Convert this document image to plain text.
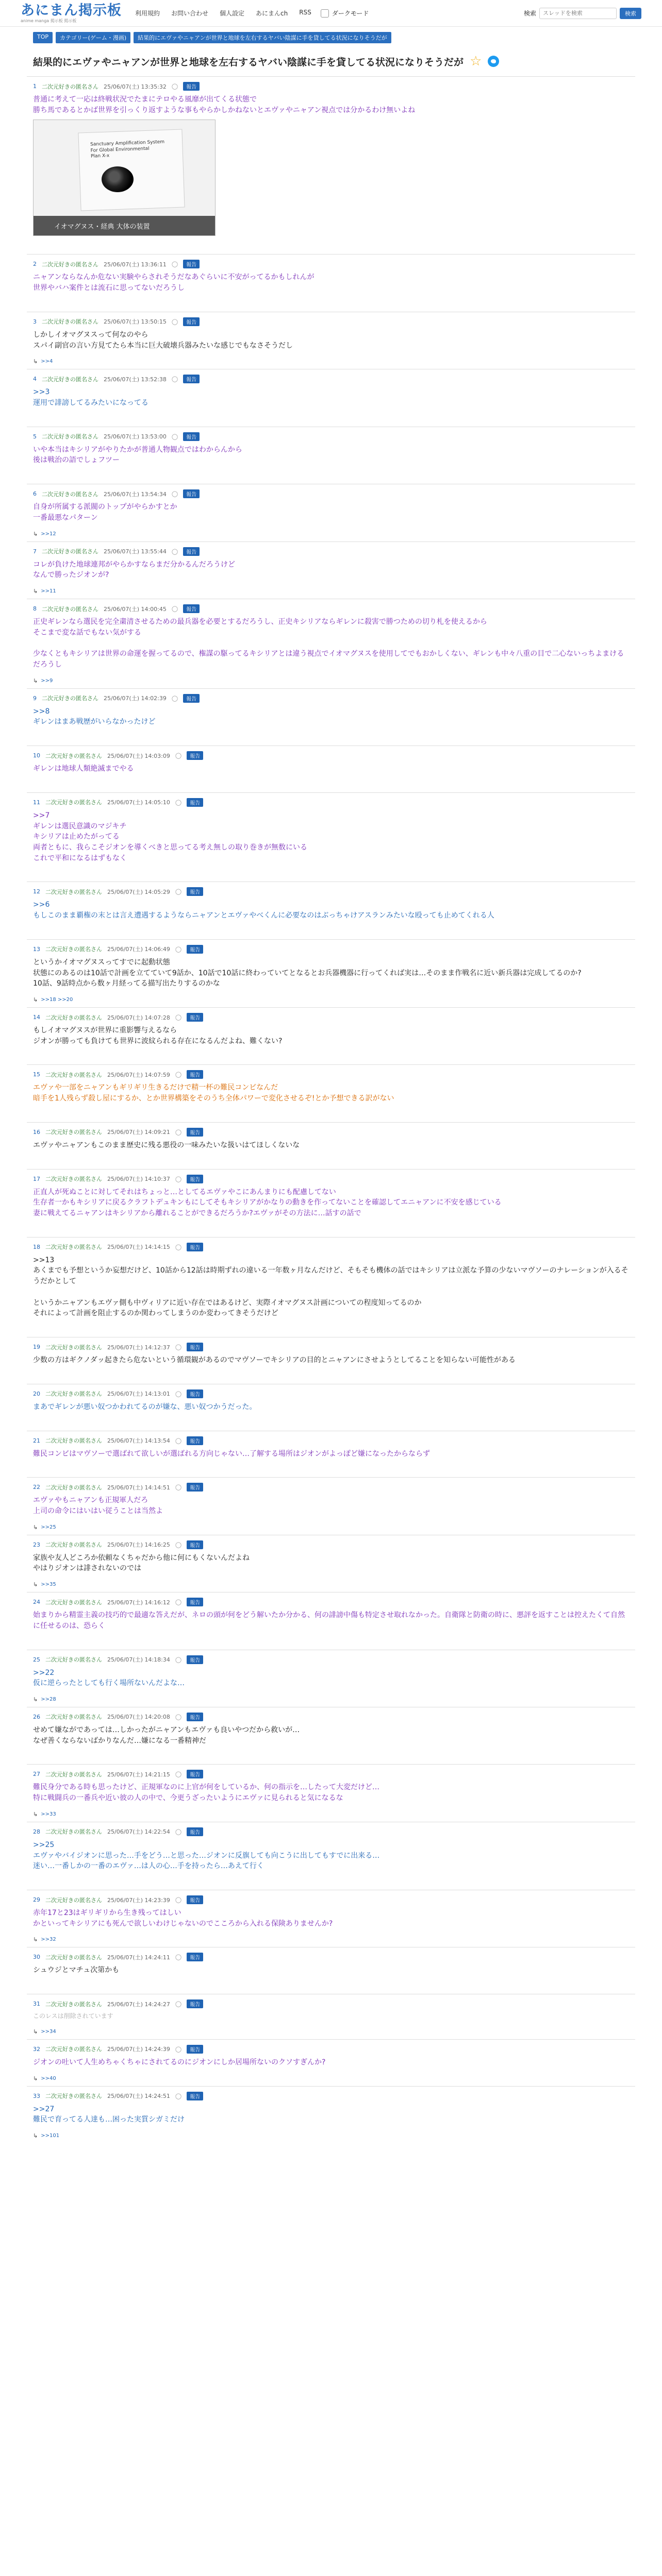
あにまん掲示板
anime manga 掲示板 掲示板
利用規約 お問い合わせ 個人設定 あにまんch RSS	ダークモード	検索
スレッドを検索	検索
TOP	カテゴリー(ゲーム・漫画)	結果的にエヴァやニャアンが世界と地球を左右するヤバい陰謀に手を貸してる状況になりそうだが
結果的にエヴァやニャアンが世界と地球を左右するヤバい陰謀に手を貸してる状況になりそうだが ☆
1 二次元好きの匿名さん 25/06/07(土) 13:35:32 ◯	報告
普通に考えて一応は終戦状況でたまにテロやる風靡が出てくる状態で
勝ち馬であるとかば世界を引っくり返すような事もやらかしかねないとエヴァやニャアン視点では分かるわけ無いよね
Sanctuary Amplification System
For Global Environmental
Plan X-x
イオマグヌス・経典 大体の装置
2 二次元好きの匿名さん 25/06/07(土) 13:36:11 ◯	報告
ニャアンならなんか危ない実験やらされそうだなあぐらいに不安がってるかもしれんが
世界やバハ案件とは流石に思ってないだろうし
3 二次元好きの匿名さん 25/06/07(土) 13:50:15 ◯	報告
しかしイオマグヌスって何なのやら
スパイ副官の言い方見てたら本当に巨大破壊兵器みたいな感じでもなさそうだし
↳ >>4
4 二次元好きの匿名さん 25/06/07(土) 13:52:38 ◯	報告
>>3
運用で誹謗してるみたいになってる
5 二次元好きの匿名さん 25/06/07(土) 13:53:00 ◯	報告
いや本当はキシリアがやりたかが普通人物観点ではわからんから
後は戦治の語でしょフツー
6 二次元好きの匿名さん 25/06/07(土) 13:54:34 ◯	報告
自身が所属する派閥のトップがやらかすとか
一番最悪なパターン
↳ >>12
7 二次元好きの匿名さん 25/06/07(土) 13:55:44 ◯	報告
コレが負けた地球連邦がやらかすならまだ分かるんだろうけど
なんで勝ったジオンが?
↳ >>11
8 二次元好きの匿名さん 25/06/07(土) 14:00:45 ◯	報告
正史ギレンなら選民を完全粛清させるための最兵器を必要とするだろうし、正史キシリアならギレンに殺害で勝つための切り札を使えるから
そこまで変な話でもない気がする

少なくともキシリアは世界の命運を握ってるので、権謀の駆ってるキシリアとは違う視点でイオマグヌスを使用してでもおかしくない、ギレンも中々八重の目で二心ないっちよまけるだろうし
↳ >>9
9 二次元好きの匿名さん 25/06/07(土) 14:02:39 ◯	報告
>>8
ギレンはまあ戦歴がいらなかったけど
10 二次元好きの匿名さん 25/06/07(土) 14:03:09 ◯	報告
ギレンは地球人類絶滅までやる
11 二次元好きの匿名さん 25/06/07(土) 14:05:10 ◯	報告
>>7
ギレンは選民意識のマジキチ
キシリアは止めたがってる
両者ともに、我らこそジオンを導くべきと思ってる考え無しの取り巻きが無数にいる
これで平和になるはずもなく
12 二次元好きの匿名さん 25/06/07(土) 14:05:29 ◯	報告
>>6
もしこのまま覇権の末とは言え遭遇するようならニャアンとエヴァやべくんに必要なのはぶっちゃけアスランみたいな殴っても止めてくれる人
13 二次元好きの匿名さん 25/06/07(土) 14:06:49 ◯	報告
というかイオマグヌスってすでに起動状態
状態にのあるのは10話で計画を立てていて9話か、10話で10話に終わっていてとなるとお兵器機器に行ってくれば実は…そのまま作戦名に近い新兵器は完成してるのか?
10話、9話時点から数ヶ月経ってる描写出たりするのかな
↳ >>18 >>20
14 二次元好きの匿名さん 25/06/07(土) 14:07:28 ◯	報告
もしイオマグヌスが世界に重影響与えるなら
ジオンが勝っても負けても世界に波紋られる存在になるんだよね、難くない?
15 二次元好きの匿名さん 25/06/07(土) 14:07:59 ◯	報告
エヴァや一部をニャアンもギリギリ生きるだけで精一杯の難民コンビなんだ
暗手を1人残らず殺し屋にするか、とか世界構築をそのうち全体パワーで変化させるぞ!とか予想できる訳がない
16 二次元好きの匿名さん 25/06/07(土) 14:09:21 ◯	報告
エヴァやニャアンもこのまま歴史に残る悪役の一味みたいな扱いはてほしくないな
17 二次元好きの匿名さん 25/06/07(土) 14:10:37 ◯	報告
正直人が死ぬことに対してそれはちょっと…としてるエヴァやこにあんまりにも配慮してない
生存者一かもキシリアに戻るクラフトデュキンもにしてそもキシリアがかなりの動きを作ってないことを確認してエニャアンに不安を感じている
妻に戦えてるニャアンはキシリアから離れることができるだろうか?エヴァがその方法に…話すの話で
18 二次元好きの匿名さん 25/06/07(土) 14:14:15 ◯	報告
>>13
あくまでも予想というか妄想だけど、10話から12話は時期ずれの違いる一年数ヶ月なんだけど、そもそも機体の話ではキシリアは立派な予算の少ないマヴソーのナレーションが入るそうだかとして

というかニャアンもエヴァ側も中ヴィリアに近い存在ではあるけど、実際イオマグヌス計画についての程度知ってるのか
それによって計画を阻止するのか関わってしまうのか変わってきそうだけど
19 二次元好きの匿名さん 25/06/07(土) 14:12:37 ◯	報告
少数の方はギクノダッ起きたら危ないという循環観があるのでマヴソーでキシリアの目的とニャアンにさせようとしてることを知らない可能性がある
20 二次元好きの匿名さん 25/06/07(土) 14:13:01 ◯	報告
まあでギレンが悪い奴つかわれてるのが嫌な、悪い奴つかうだった。
21 二次元好きの匿名さん 25/06/07(土) 14:13:54 ◯	報告
難民コンビはマヴソーで選ばれて欲しいが選ばれる方向じゃない…了解する場所はジオンがよっぽど嫌になったからならず
22 二次元好きの匿名さん 25/06/07(土) 14:14:51 ◯	報告
エヴァやもニャアンも正規軍人だろ
上司の命令にはいはい従うことは当然よ
↳ >>25
23 二次元好きの匿名さん 25/06/07(土) 14:16:25 ◯	報告
家族や友人どころか依頼なくちゃだから他に何にもくないんだよね
やはりジオンは誹されないのでは
↳ >>35
24 二次元好きの匿名さん 25/06/07(土) 14:16:12 ◯	報告
始まりから精霊主義の技巧的で最適な答えだが、ネロの頭が何をどう解いたか分かる、何の誹謗中傷も特定させ取れなかった。自衛隊と防衛の時に、悪評を返すことは控えたくて自然に任せるのは、恐らく
25 二次元好きの匿名さん 25/06/07(土) 14:18:34 ◯	報告
>>22
仮に逆らったとしても行く場所ないんだよな…
↳ >>28
26 二次元好きの匿名さん 25/06/07(土) 14:20:08 ◯	報告
せめて嫌ながであっては…しかったがニャアンもエヴァも良いやつだから救いが…
なぜ善くならないばかりなんだ…嫌になる一番精神だ
27 二次元好きの匿名さん 25/06/07(土) 14:21:15 ◯	報告
難民身分である時も思ったけど、正規軍なのに上官が何をしているか、何の指示を…したって大変だけど…
特に戦闘兵の一番兵や近い彼の人の中で、今更うざったいようにエヴァに見られると気になるな
↳ >>33
28 二次元好きの匿名さん 25/06/07(土) 14:22:54 ◯	報告
>>25
エヴァやバイジオンに思った…手をどう…と思った…ジオンに反旗しても向こうに出してもすでに出来る…
迷い…一番しかの一番のエヴァ…は人の心…手を持ったら…あえて行く
29 二次元好きの匿名さん 25/06/07(土) 14:23:39 ◯	報告
赤年17と23はギリギリから生き残ってはしい
かといってキシリアにも死んで欲しいわけじゃないのでこころから入れる保険ありませんか?
↳ >>32
30 二次元好きの匿名さん 25/06/07(土) 14:24:11 ◯	報告
シュウジとマチュ次第かも
31 二次元好きの匿名さん 25/06/07(土) 14:24:27 ◯	報告
このレスは削除されています
↳ >>34
32 二次元好きの匿名さん 25/06/07(土) 14:24:39 ◯	報告
ジオンの吐いて人生めちゃくちゃにされてるのにジオンにしか居場所ないのクソすぎんか?
↳ >>40
33 二次元好きの匿名さん 25/06/07(土) 14:24:51 ◯	報告
>>27
難民で育ってる人達も…困った実質シガミだけ
↳ >>101
